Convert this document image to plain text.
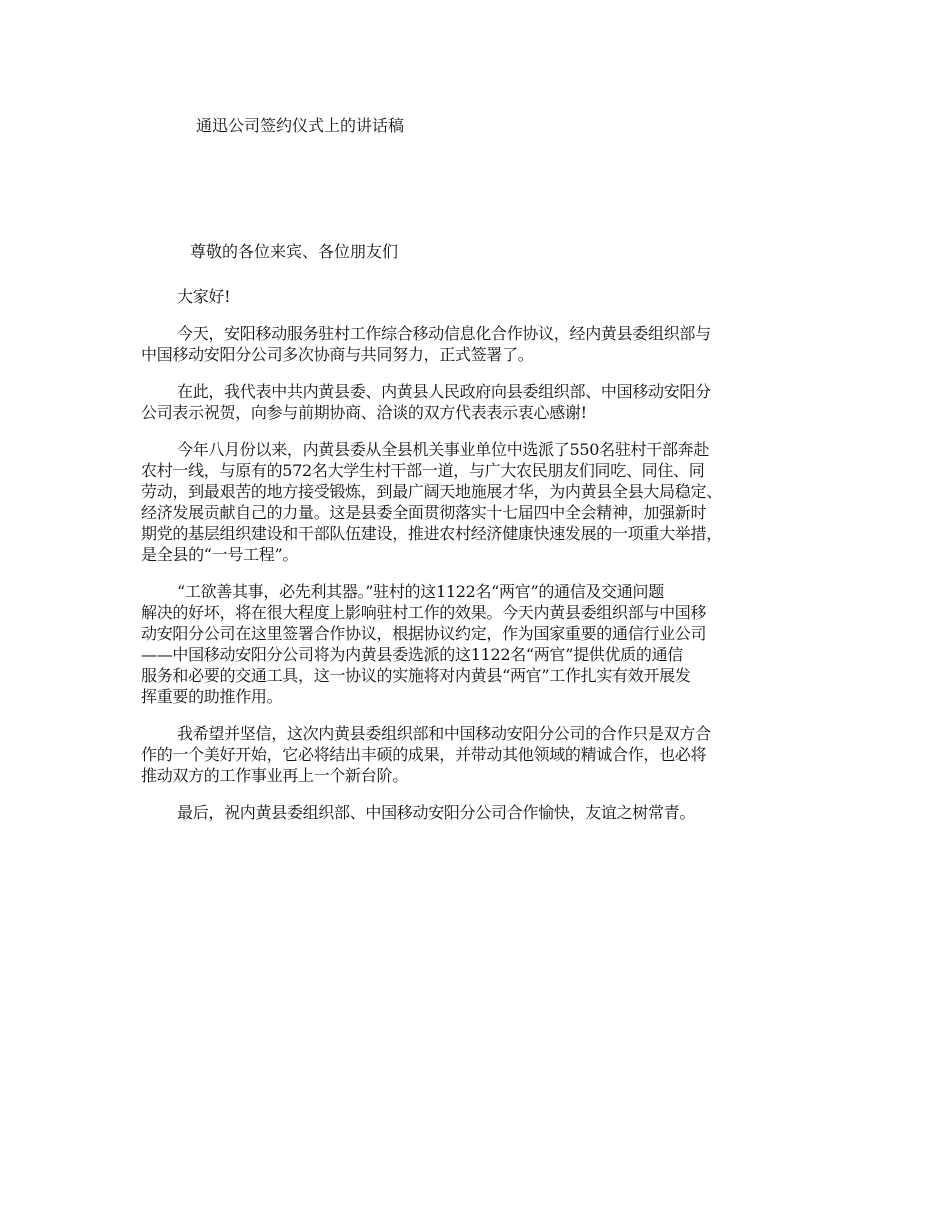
通迅公司签约仪式上的讲话稿
尊敬的各位来宾、各位朋友们

大家好!

今天，安阳移动服务驻村工作综合移动信息化合作协议，经内黄县委组织部与
中国移动安阳分公司多次协商与共同努力，正式签署了。

在此，我代表中共内黄县委、内黄县人民政府向县委组织部、中国移动安阳分
公司表示祝贺，向参与前期协商、洽谈的双方代表表示衷心感谢!

今年八月份以来，内黄县委从全县机关事业单位中选派了550名驻村干部奔赴
农村一线，与原有的572名大学生村干部一道，与广大农民朋友们同吃、同住、同
劳动，到最艰苦的地方接受锻炼，到最广阔天地施展才华，为内黄县全县大局稳定、
经济发展贡献自己的力量。这是县委全面贯彻落实十七届四中全会精神，加强新时
期党的基层组织建设和干部队伍建设，推进农村经济健康快速发展的一项重大举措，
是全县的“一号工程”。

“工欲善其事，必先利其器。”驻村的这1122名“两官”的通信及交通问题
解决的好坏，将在很大程度上影响驻村工作的效果。今天内黄县委组织部与中国移
动安阳分公司在这里签署合作协议，根据协议约定，作为国家重要的通信行业公司
——中国移动安阳分公司将为内黄县委选派的这1122名“两官”提供优质的通信
服务和必要的交通工具，这一协议的实施将对内黄县“两官”工作扎实有效开展发
挥重要的助推作用。

我希望并坚信，这次内黄县委组织部和中国移动安阳分公司的合作只是双方合
作的一个美好开始，它必将结出丰硕的成果，并带动其他领域的精诚合作，也必将
推动双方的工作事业再上一个新台阶。

最后，祝内黄县委组织部、中国移动安阳分公司合作愉快，友谊之树常青。
